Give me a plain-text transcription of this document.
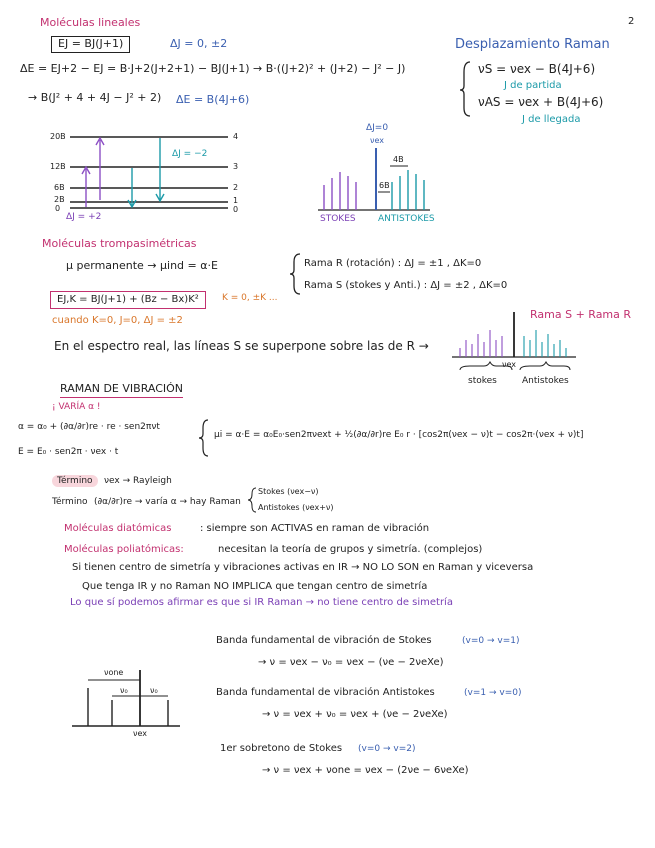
2
Moléculas lineales
EJ = BJ(J+1)	ΔJ = 0, ±2
ΔE = EJ+2 − EJ = B·J+2(J+2+1) − BJ(J+1) → B·((J+2)² + (J+2) − J² − J)
→ B(J² + 4 + 4J − J² + 2) ΔE = B(4J+6)
Desplazamiento Raman
νS = νex − B(4J+6)
J de partida
νAS = νex + B(4J+6)
J de llegada
20B
12B
6B
2B
0
4
3
2
1
0
ΔJ = +2
ΔJ = −2
ΔJ=0
νex
4B
6B
STOKES ANTISTOKES
Moléculas trompasimétricas
μ permanente → μind = α·E
EJ,K = BJ(J+1) + (Bz − Bx)K²	K = 0, ±K ...
cuando K=0, J=0, ΔJ = ±2
Rama R (rotación) : ΔJ = ±1 , ΔK=0
Rama S (stokes y Anti.) : ΔJ = ±2 , ΔK=0
En el espectro real, las líneas S se superpone sobre las de R →
Rama S + Rama R
νex
stokes	Antistokes
RAMAN DE VIBRACIÓN
¡ VARÍA α !
α = α₀ + (∂α/∂r)re · re · sen2πνt
E = E₀ · sen2π · νex · t
μi = α·E = α₀E₀·sen2πνext + ½(∂α/∂r)re E₀ r · [cos2π(νex − ν)t − cos2π·(νex + ν)t]
Término	νex → Rayleigh
Término (∂α/∂r)re → varía α → hay Raman
Stokes (νex−ν)
Antistokes (νex+ν)
Moléculas diatómicas	: siempre son ACTIVAS en raman de vibración
Moléculas poliatómicas:	necesitan la teoría de grupos y simetría. (complejos)
Si tienen centro de simetría y vibraciones activas en IR → NO LO SON en Raman y viceversa
Que tenga IR y no Raman NO IMPLICA que tengan centro de simetría
Lo que sí podemos afirmar es que si IR Raman → no tiene centro de simetría
νone
ν₀	ν₀
νex
Banda fundamental de vibración de Stokes	(v=0 → v=1)
→ ν = νex − ν₀ = νex − (νe − 2νeXe)
Banda fundamental de vibración Antistokes	(v=1 → v=0)
→ ν = νex + ν₀ = νex + (νe − 2νeXe)
1er sobretono de Stokes (v=0 → v=2)
→ ν = νex + νone = νex − (2νe − 6νeXe)
